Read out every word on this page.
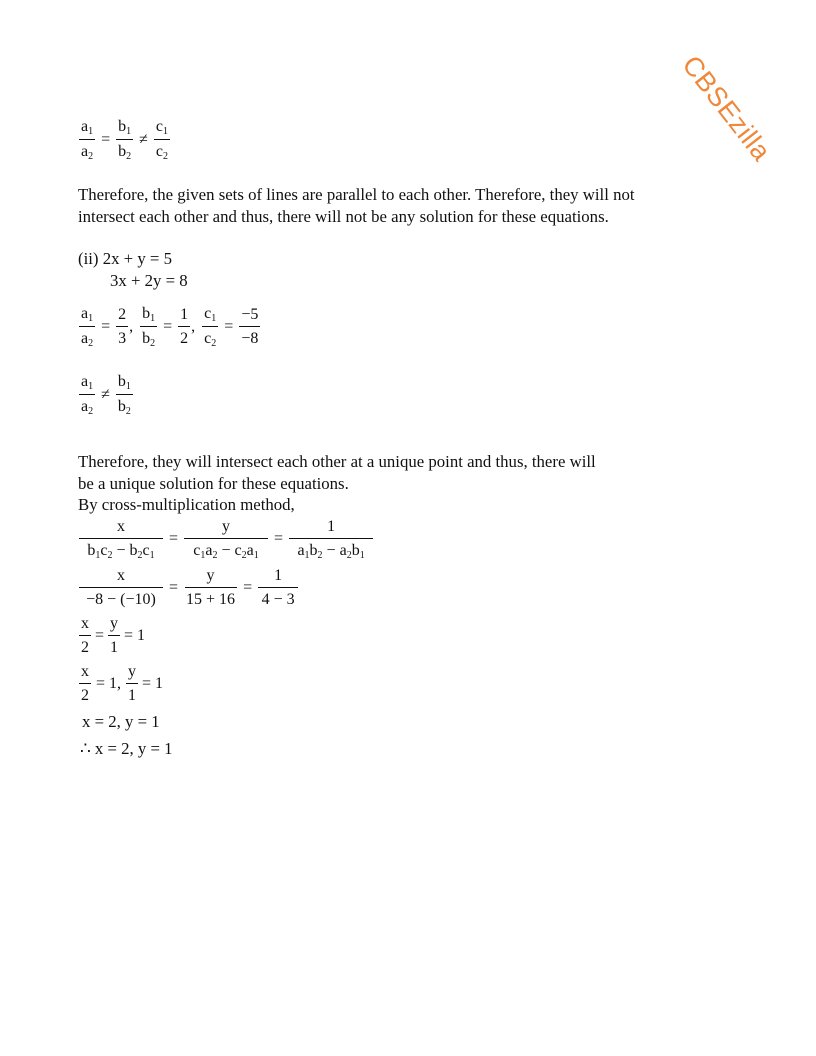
CBSEzilla
$\frac{a_1}{a_2} = \frac{b_1}{b_2} \ne \frac{c_1}{c_2}$

Therefore, the given sets of lines are parallel to each other. Therefore, they will not intersect each other and thus, there will not be any solution for these equations.

(ii) 2x + y = 5

3x + 2y = 8

$\frac{a_1}{a_2} = \frac{2}{3}$ , $\frac{b_1}{b_2} = \frac{1}{2}$ , $\frac{c_1}{c_2} = \frac{-5}{-8}$
$\frac{a_1}{a_2} \ne \frac{b_1}{b_2}$

Therefore, they will intersect each other at a unique point and thus, there will

be a unique solution for these equations.

By cross-multiplication method,

$\frac{x}{b_1c_2 - b_2c_1} = \frac{y}{c_1a_2 - c_2a_1} = \frac{1}{a_1b_2 - a_2b_1}$
$\frac{x}{-8 - (-10)} = \frac{y}{15 + 16} = \frac{1}{4 - 3}$
$\frac{x}{2} = \frac{y}{1} = 1$
$\frac{x}{2} = 1$, $\frac{y}{1} = 1$

x = 2, y = 1

∴ x = 2, y = 1
